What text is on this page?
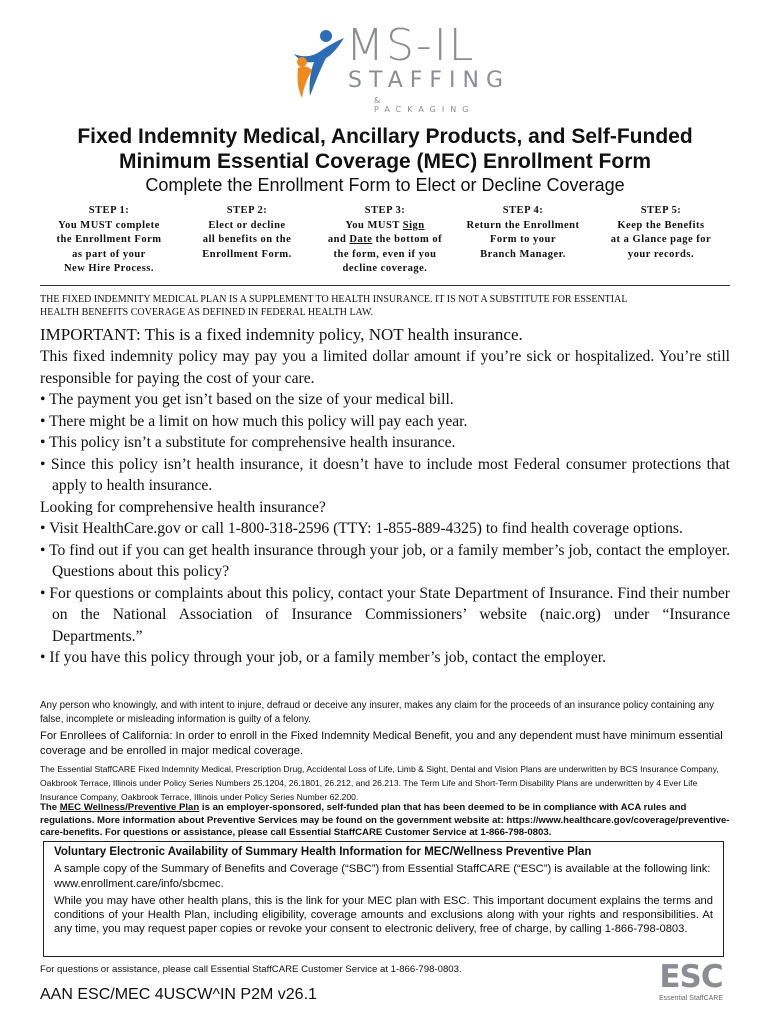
MS-IL
STAFFING
& PACKAGING
Fixed Indemnity Medical, Ancillary Products, and Self-Funded
Minimum Essential Coverage (MEC) Enrollment Form
Complete the Enrollment Form to Elect or Decline Coverage
STEP 1:
You MUST complete
the Enrollment Form
as part of your
New Hire Process.
STEP 2:
Elect or decline
all benefits on the
Enrollment Form.
STEP 3:
You MUST Sign
and Date the bottom of
the form, even if you
decline coverage.
STEP 4:
Return the Enrollment
Form to your
Branch Manager.
STEP 5:
Keep the Benefits
at a Glance page for
your records.
THE FIXED INDEMNITY MEDICAL PLAN IS A SUPPLEMENT TO HEALTH INSURANCE. IT IS NOT A SUBSTITUTE FOR ESSENTIAL
HEALTH BENEFITS COVERAGE AS DEFINED IN FEDERAL HEALTH LAW.

IMPORTANT: This is a fixed indemnity policy, NOT health insurance.

This fixed indemnity policy may pay you a limited dollar amount if you’re sick or hospitalized. You’re still responsible for paying the cost of your care.

• The payment you get isn’t based on the size of your medical bill.

• There might be a limit on how much this policy will pay each year.

• This policy isn’t a substitute for comprehensive health insurance.

• Since this policy isn’t health insurance, it doesn’t have to include most Federal consumer protections that apply to health insurance.

Looking for comprehensive health insurance?

• Visit HealthCare.gov or call 1-800-318-2596 (TTY: 1-855-889-4325) to find health coverage options.

• To find out if you can get health insurance through your job, or a family member’s job, contact the employer. Questions about this policy?

• For questions or complaints about this policy, contact your State Department of Insurance. Find their number on the National Association of Insurance Commissioners’ website (naic.org) under “Insurance Departments.”

• If you have this policy through your job, or a family member’s job, contact the employer.

Any person who knowingly, and with intent to injure, defraud or deceive any insurer, makes any claim for the proceeds of an insurance policy containing any false, incomplete or misleading information is guilty of a felony.
For Enrollees of California: In order to enroll in the Fixed Indemnity Medical Benefit, you and any dependent must have minimum essential coverage and be enrolled in major medical coverage.
The Essential StaffCARE Fixed Indemnity Medical, Prescription Drug, Accidental Loss of Life, Limb & Sight, Dental and Vision Plans are underwritten by BCS Insurance Company, Oakbrook Terrace, Illinois under Policy Series Numbers 25.1204, 26.1801, 26.212, and 26.213. The Term Life and Short-Term Disability Plans are underwritten by 4 Ever Life Insurance Company, Oakbrook Terrace, Illinois under Policy Series Number 62.200.
The MEC Wellness/Preventive Plan is an employer-sponsored, self-funded plan that has been deemed to be in compliance with ACA rules and regulations. More information about Preventive Services may be found on the government website at: https://www.healthcare.gov/coverage/preventive-care-benefits. For questions or assistance, please call Essential StaffCARE Customer Service at 1-866-798-0803.

Voluntary Electronic Availability of Summary Health Information for MEC/Wellness Preventive Plan

A sample copy of the Summary of Benefits and Coverage (“SBC”) from Essential StaffCARE (“ESC”) is available at the following link: www.enrollment.care/info/sbcmec.

While you may have other health plans, this is the link for your MEC plan with ESC. This important document explains the terms and conditions of your Health Plan, including eligibility, coverage amounts and exclusions along with your rights and responsibilities. At any time, you may request paper copies or revoke your consent to electronic delivery, free of charge, by calling 1-866-798-0803.

For questions or assistance, please call Essential StaffCARE Customer Service at 1-866-798-0803.
AAN ESC/MEC 4USCW^IN P2M v26.1	ESC
Essential StaffCARE
